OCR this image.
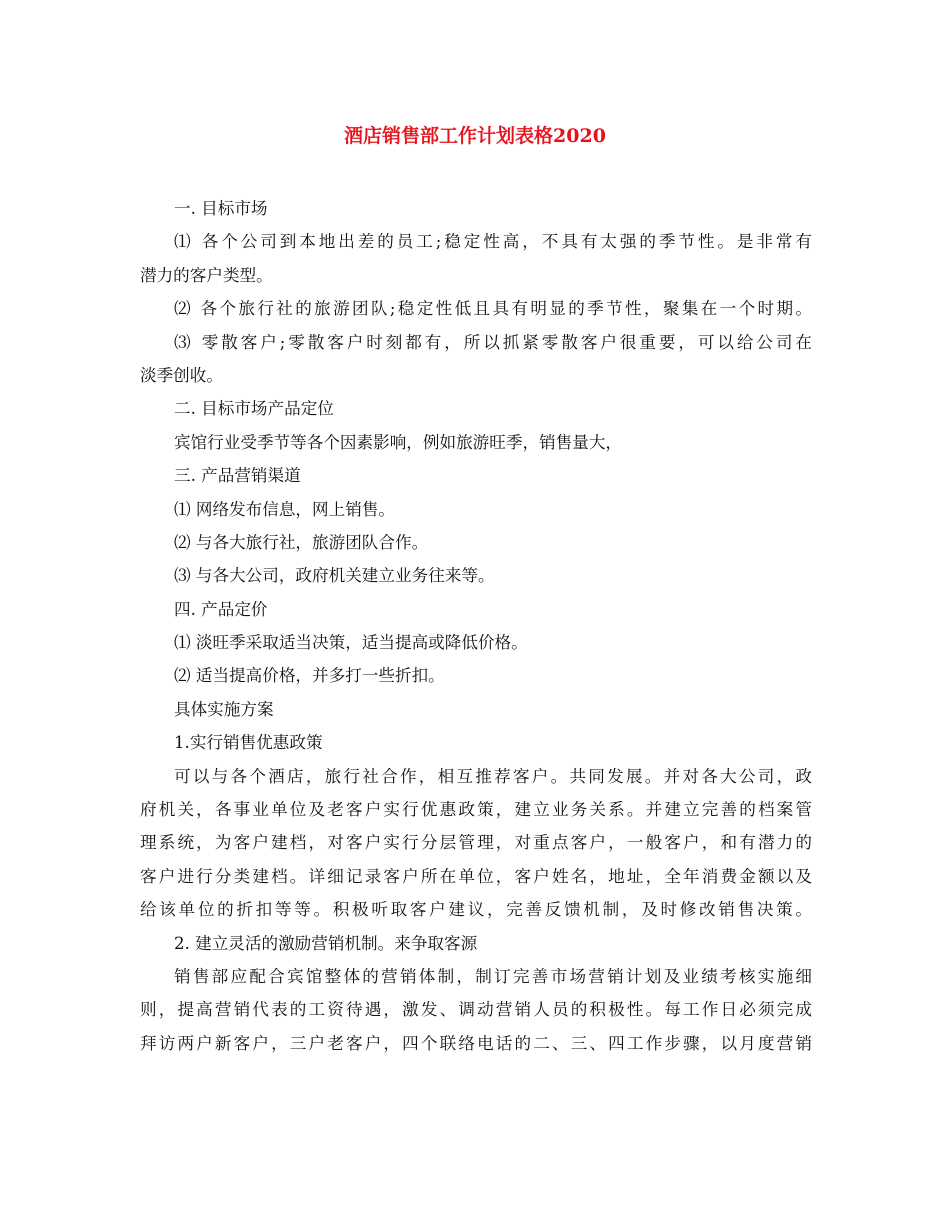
酒店销售部工作计划表格2020
一. 目标市场
⑴ 各个公司到本地出差的员工;稳定性高，不具有太强的季节性。是非常有
潜力的客户类型。
⑵ 各个旅行社的旅游团队;稳定性低且具有明显的季节性，聚集在一个时期。
⑶ 零散客户;零散客户时刻都有，所以抓紧零散客户很重要，可以给公司在
淡季创收。
二. 目标市场产品定位
宾馆行业受季节等各个因素影响，例如旅游旺季，销售量大，
三. 产品营销渠道
⑴ 网络发布信息，网上销售。
⑵ 与各大旅行社，旅游团队合作。
⑶ 与各大公司，政府机关建立业务往来等。
四. 产品定价
⑴ 淡旺季采取适当决策，适当提高或降低价格。
⑵ 适当提高价格，并多打一些折扣。
具体实施方案
1.实行销售优惠政策
可以与各个酒店，旅行社合作，相互推荐客户。共同发展。并对各大公司，政
府机关，各事业单位及老客户实行优惠政策，建立业务关系。并建立完善的档案管
理系统，为客户建档，对客户实行分层管理，对重点客户，一般客户，和有潜力的
客户进行分类建档。详细记录客户所在单位，客户姓名，地址，全年消费金额以及
给该单位的折扣等等。积极听取客户建议，完善反馈机制，及时修改销售决策。
2. 建立灵活的激励营销机制。来争取客源
销售部应配合宾馆整体的营销体制，制订完善市场营销计划及业绩考核实施细
则，提高营销代表的工资待遇，激发、调动营销人员的积极性。每工作日必须完成
拜访两户新客户，三户老客户，四个联络电话的二、三、四工作步骤，以月度营销
